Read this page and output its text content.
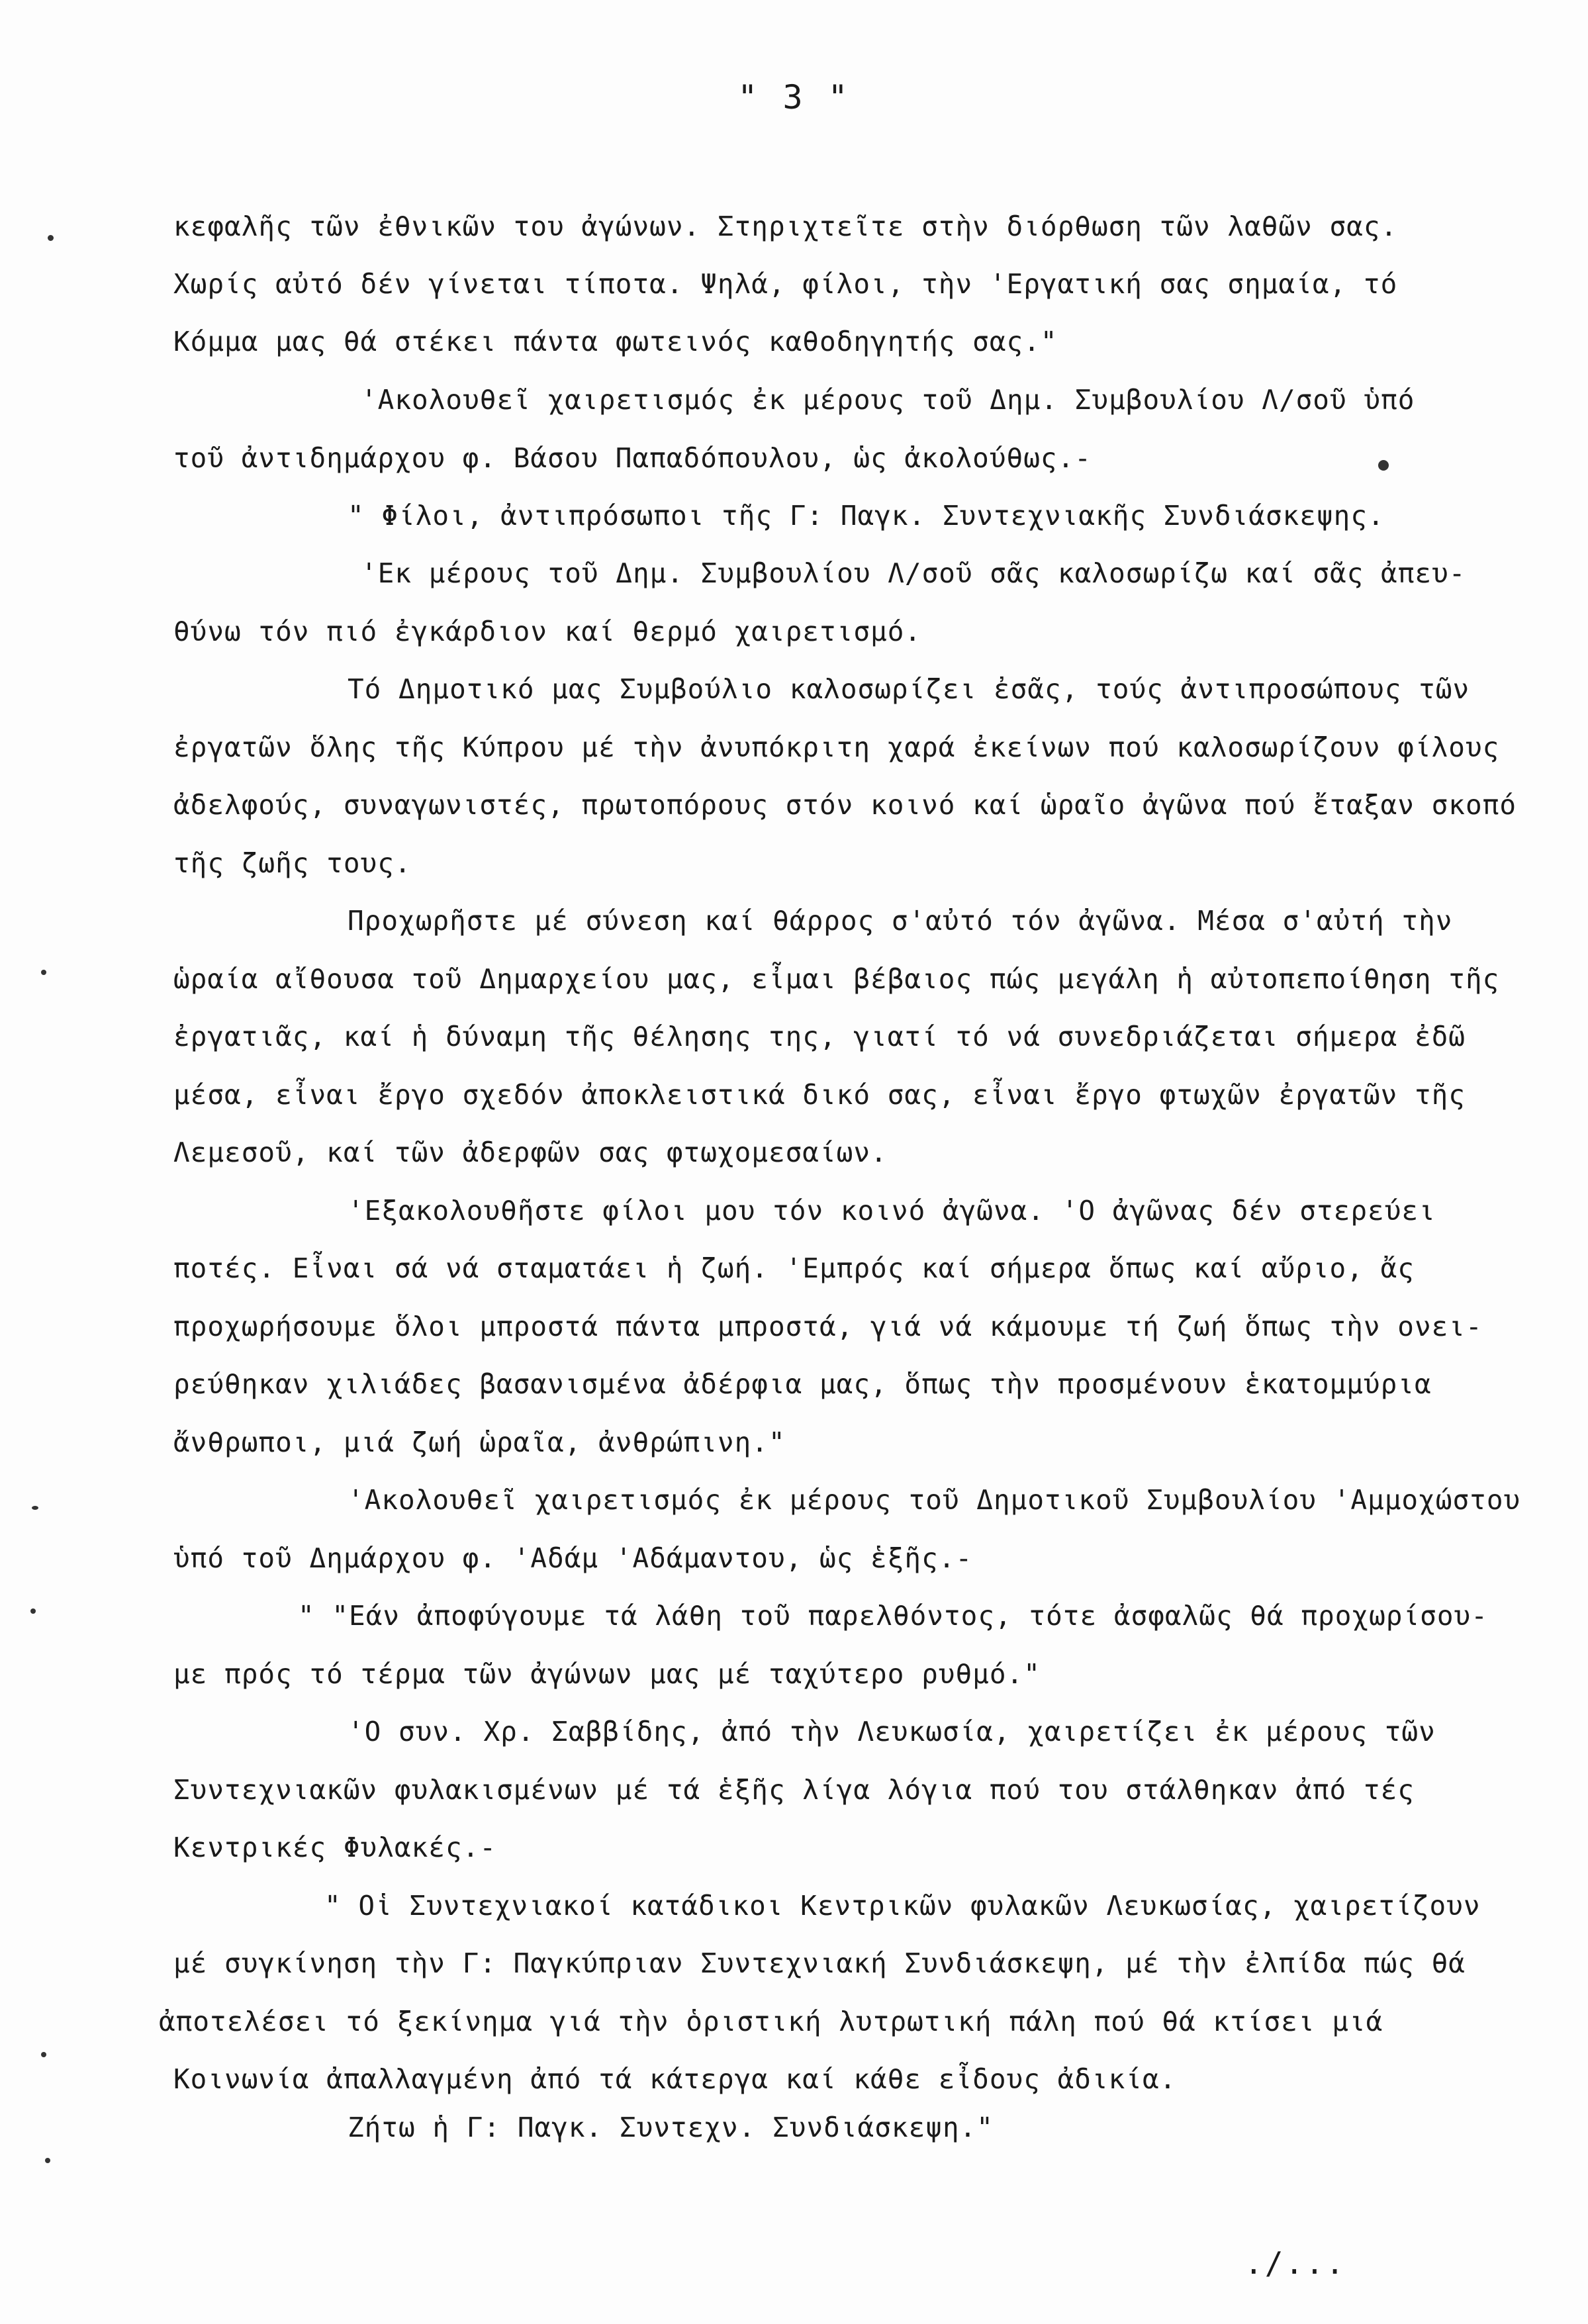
" 3 "
κεφαλῆς τῶν ἐθνικῶν του ἀγώνων. Στηριχτεῖτε στὴν διόρθωση τῶν λαθῶν σας.
Χωρίς αὐτό δέν γίνεται τίποτα. Ψηλά, φίλοι, τὴν 'Εργατική σας σημαία, τό
Κόμμα μας θά στέκει πάντα φωτεινός καθοδηγητής σας."
'Ακολουθεῖ χαιρετισμός ἐκ μέρους τοῦ Δημ. Συμβουλίου Λ/σοῦ ὑπό
τοῦ ἀντιδημάρχου φ. Βάσου Παπαδόπουλου, ὡς ἀκολούθως.-
" Φίλοι, ἀντιπρόσωποι τῆς Γ: Παγκ. Συντεχνιακῆς Συνδιάσκεψης.
'Εκ μέρους τοῦ Δημ. Συμβουλίου Λ/σοῦ σᾶς καλοσωρίζω καί σᾶς ἀπευ-
θύνω τόν πιό ἐγκάρδιον καί θερμό χαιρετισμό.
Τό Δημοτικό μας Συμβούλιο καλοσωρίζει ἐσᾶς, τούς ἀντιπροσώπους τῶν
ἐργατῶν ὅλης τῆς Κύπρου μέ τὴν ἀνυπόκριτη χαρά ἐκείνων πού καλοσωρίζουν φίλους
ἀδελφούς, συναγωνιστές, πρωτοπόρους στόν κοινό καί ὡραῖο ἀγῶνα πού ἔταξαν σκοπό
τῆς ζωῆς τους.
Προχωρῆστε μέ σύνεση καί θάρρος σ'αὐτό τόν ἀγῶνα. Μέσα σ'αὐτή τὴν
ὡραία αἴθουσα τοῦ Δημαρχείου μας, εἶμαι βέβαιος πώς μεγάλη ἡ αὐτοπεποίθηση τῆς
ἐργατιᾶς, καί ἡ δύναμη τῆς θέλησης της, γιατί τό νά συνεδριάζεται σήμερα ἐδῶ
μέσα, εἶναι ἔργο σχεδόν ἀποκλειστικά δικό σας, εἶναι ἔργο φτωχῶν ἐργατῶν τῆς
Λεμεσοῦ, καί τῶν ἀδερφῶν σας φτωχομεσαίων.
'Εξακολουθῆστε φίλοι μου τόν κοινό ἀγῶνα. 'Ο ἀγῶνας δέν στερεύει
ποτές. Εἶναι σά νά σταματάει ἡ ζωή. 'Εμπρός καί σήμερα ὅπως καί αὔριο, ἄς
προχωρήσουμε ὅλοι μπροστά πάντα μπροστά, γιά νά κάμουμε τή ζωή ὅπως τὴν ονει-
ρεύθηκαν χιλιάδες βασανισμένα ἀδέρφια μας, ὅπως τὴν προσμένουν ἑκατομμύρια
ἄνθρωποι, μιά ζωή ὡραῖα, ἀνθρώπινη."
'Ακολουθεῖ χαιρετισμός ἐκ μέρους τοῦ Δημοτικοῦ Συμβουλίου 'Αμμοχώστου
ὑπό τοῦ Δημάρχου φ. 'Αδάμ 'Αδάμαντου, ὡς ἑξῆς.-
" "Εάν ἀποφύγουμε τά λάθη τοῦ παρελθόντος, τότε ἀσφαλῶς θά προχωρίσου-
με πρός τό τέρμα τῶν ἀγώνων μας μέ ταχύτερο ρυθμό."
'Ο συν. Χρ. Σαββίδης, ἀπό τὴν Λευκωσία, χαιρετίζει ἐκ μέρους τῶν
Συντεχνιακῶν φυλακισμένων μέ τά ἑξῆς λίγα λόγια πού του στάλθηκαν ἀπό τές
Κεντρικές Φυλακές.-
" Οἱ Συντεχνιακοί κατάδικοι Κεντρικῶν φυλακῶν Λευκωσίας, χαιρετίζουν
μέ συγκίνηση τὴν Γ: Παγκύπριαν Συντεχνιακή Συνδιάσκεψη, μέ τὴν ἐλπίδα πώς θά
ἀποτελέσει τό ξεκίνημα γιά τὴν ὁριστική λυτρωτική πάλη πού θά κτίσει μιά
Κοινωνία ἀπαλλαγμένη ἀπό τά κάτεργα καί κάθε εἶδους ἀδικία.
Ζήτω ἡ Γ: Παγκ. Συντεχν. Συνδιάσκεψη."
./...
